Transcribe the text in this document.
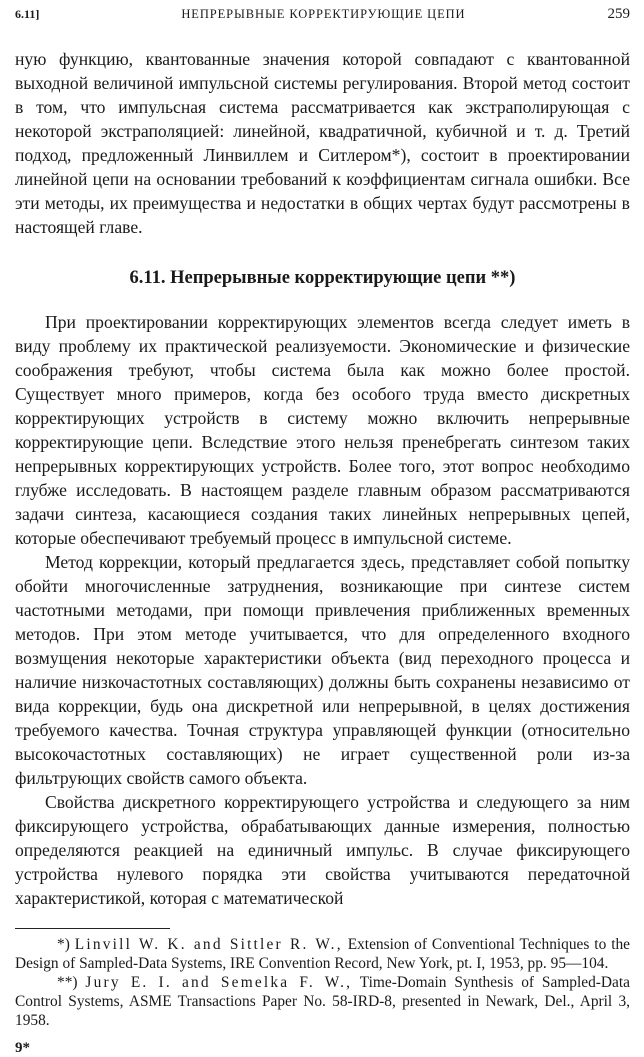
6.11]	НЕПРЕРЫВНЫЕ КОРРЕКТИРУЮЩИЕ ЦЕПИ	259

ную функцию, квантованные значения которой совпадают с квантованной выходной величиной импульсной системы регулирования. Второй метод состоит в том, что импульсная система рассматривается как экстраполирующая с некоторой экстраполяцией: линейной, квадратичной, кубичной и т. д. Третий подход, предложенный Линвиллем и Ситлером*), состоит в проектировании линейной цепи на основании требований к коэффициентам сигнала ошибки. Все эти методы, их преимущества и недостатки в общих чертах будут рассмотрены в настоящей главе.

6.11. Непрерывные корректирующие цепи **)

При проектировании корректирующих элементов всегда следует иметь в виду проблему их практической реализуемости. Экономические и физические соображения требуют, чтобы система была как можно более простой. Существует много примеров, когда без особого труда вместо дискретных корректирующих устройств в систему можно включить непрерывные корректирующие цепи. Вследствие этого нельзя пренебрегать синтезом таких непрерывных корректирующих устройств. Более того, этот вопрос необходимо глубже исследовать. В настоящем разделе главным образом рассматриваются задачи синтеза, касающиеся создания таких линейных непрерывных цепей, которые обеспечивают требуемый процесс в импульсной системе.

Метод коррекции, который предлагается здесь, представляет собой попытку обойти многочисленные затруднения, возникающие при синтезе систем частотными методами, при помощи привлечения приближенных временных методов. При этом методе учитывается, что для определенного входного возмущения некоторые характеристики объекта (вид переходного процесса и наличие низкочастотных составляющих) должны быть сохранены независимо от вида коррекции, будь она дискретной или непрерывной, в целях достижения требуемого качества. Точная структура управляющей функции (относительно высокочастотных составляющих) не играет существенной роли из-за фильтрующих свойств самого объекта.

Свойства дискретного корректирующего устройства и следующего за ним фиксирующего устройства, обрабатывающих данные измерения, полностью определяются реакцией на единичный импульс. В случае фиксирующего устройства нулевого порядка эти свойства учитываются передаточной характеристикой, которая с математической

*) Linvill W. K. and Sittler R. W., Extension of Conventional Techniques to the Design of Sampled-Data Systems, IRE Convention Record, New York, pt. I, 1953, pp. 95—104.

**) Jury E. I. and Semelka F. W., Time-Domain Synthesis of Sampled-Data Control Systems, ASME Transactions Paper No. 58-IRD-8, presented in Newark, Del., April 3, 1958.

9*
